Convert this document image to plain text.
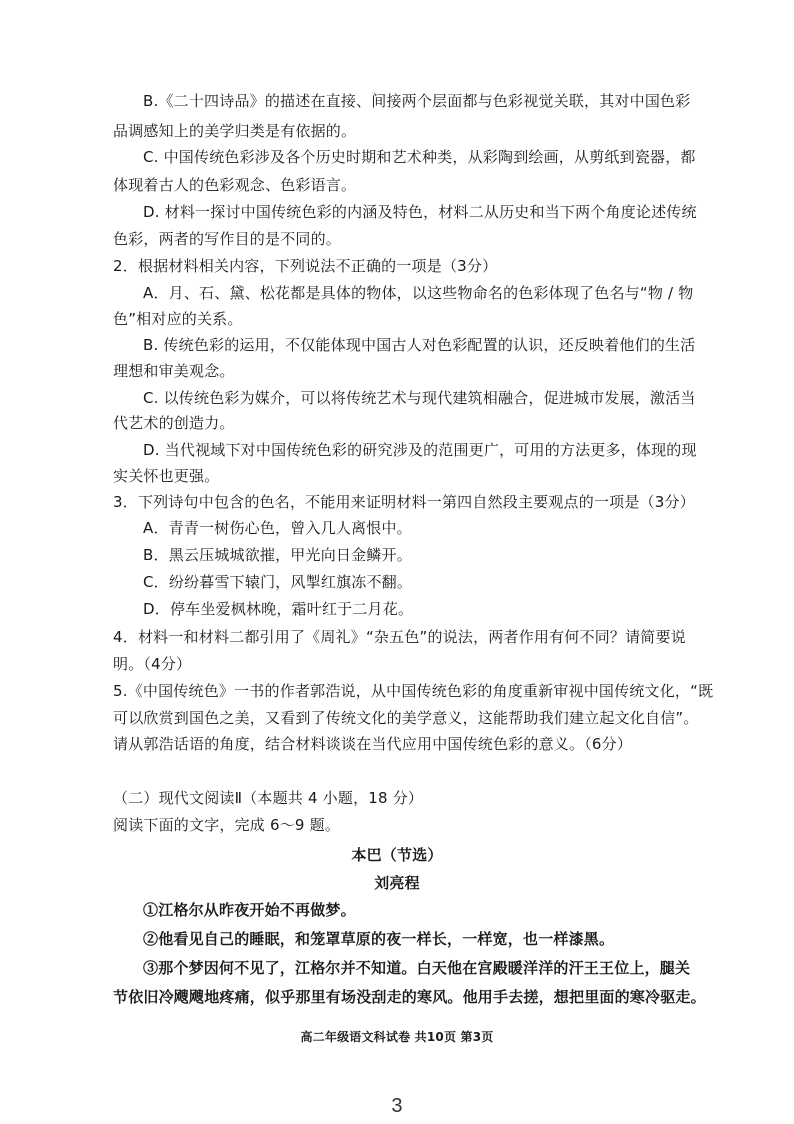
B.《二十四诗品》的描述在直接、间接两个层面都与色彩视觉关联，其对中国色彩
品调感知上的美学归类是有依据的。
C. 中国传统色彩涉及各个历史时期和艺术种类，从彩陶到绘画，从剪纸到瓷器，都
体现着古人的色彩观念、色彩语言。
D. 材料一探讨中国传统色彩的内涵及特色，材料二从历史和当下两个角度论述传统
色彩，两者的写作目的是不同的。
2．根据材料相关内容，下列说法不正确的一项是（3分）
A．月、石、黛、松花都是具体的物体，以这些物命名的色彩体现了色名与“物 / 物
色”相对应的关系。
B. 传统色彩的运用，不仅能体现中国古人对色彩配置的认识，还反映着他们的生活
理想和审美观念。
C. 以传统色彩为媒介，可以将传统艺术与现代建筑相融合，促进城市发展，激活当
代艺术的创造力。
D. 当代视域下对中国传统色彩的研究涉及的范围更广，可用的方法更多，体现的现
实关怀也更强。
3．下列诗句中包含的色名，不能用来证明材料一第四自然段主要观点的一项是（3分）
A．青青一树伤心色，曾入几人离恨中。
B．黑云压城城欲摧，甲光向日金鳞开。
C．纷纷暮雪下辕门，风掣红旗冻不翻。
D．停车坐爱枫林晚，霜叶红于二月花。
4．材料一和材料二都引用了《周礼》“杂五色”的说法，两者作用有何不同？请简要说
明。（4分）
5.《中国传统色》一书的作者郭浩说，从中国传统色彩的角度重新审视中国传统文化，“既
可以欣赏到国色之美，又看到了传统文化的美学意义，这能帮助我们建立起文化自信”。
请从郭浩话语的角度，结合材料谈谈在当代应用中国传统色彩的意义。（6分）
（二）现代文阅读Ⅱ（本题共 4 小题，18 分）
阅读下面的文字，完成 6～9 题。
本巴（节选）
刘亮程
①江格尔从昨夜开始不再做梦。
②他看见自己的睡眠，和笼罩草原的夜一样长，一样宽，也一样漆黑。
③那个梦因何不见了，江格尔并不知道。白天他在宫殿暖洋洋的汗王王位上，腿关
节依旧冷飕飕地疼痛，似乎那里有场没刮走的寒风。他用手去搓，想把里面的寒冷驱走。
高二年级语文科试卷 共10页 第3页
3
